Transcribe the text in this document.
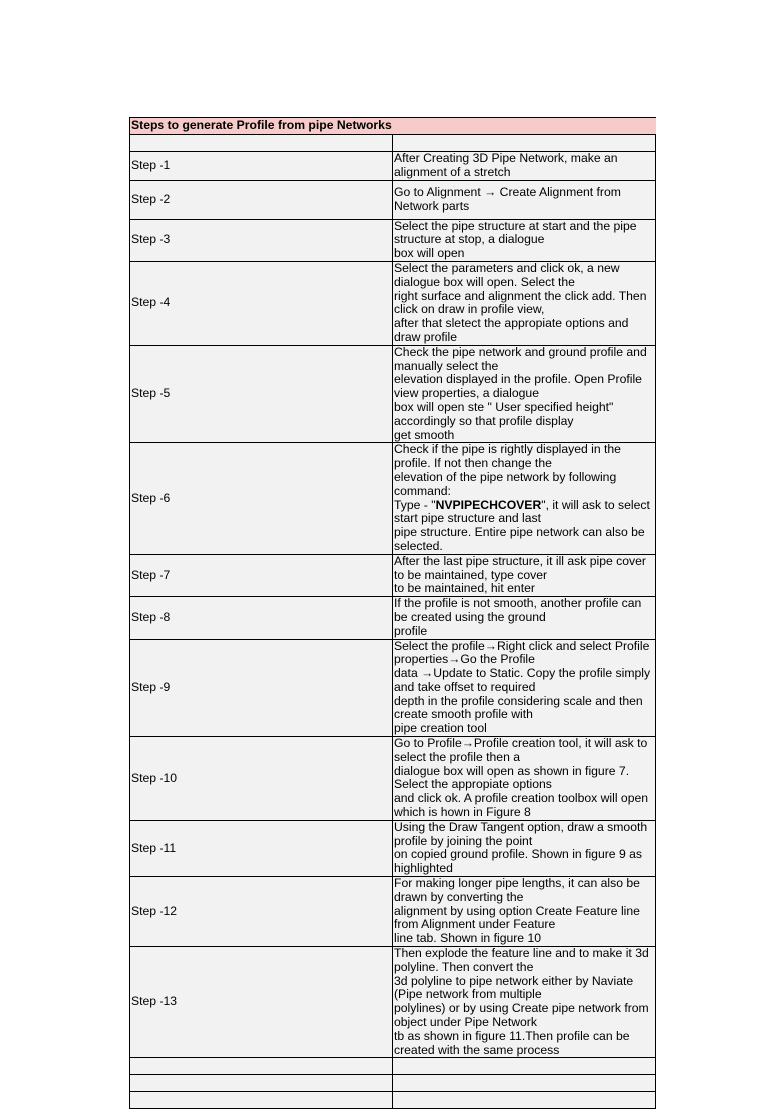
Steps to generate Profile from pipe Networks	

Step -1	After Creating 3D Pipe Network, make an alignment of a stretch
Step -2	Go to Alignment → Create Alignment from Network parts
Step -3	Select the pipe structure at start and the pipe structure at stop, a dialogue
box will open
Step -4	Select the parameters and click ok, a new dialogue box will open. Select the
right surface and alignment the click add. Then click on draw in profile view,
after that sletect the appropiate options and draw profile
Step -5	Check the pipe network and ground profile and manually select the
elevation displayed in the profile. Open Profile view properties, a dialogue
box will open ste " User specified height" accordingly so that profile display
get smooth
Step -6	Check if the pipe is rightly displayed in the profile. If not then change the
elevation of the pipe network by following command:
Type - "NVPIPECHCOVER", it will ask to select start pipe structure and last
pipe structure. Entire pipe network can also be selected.
Step -7	After the last pipe structure, it ill ask pipe cover to be maintained, type cover
to be maintained, hit enter
Step -8	If the profile is not smooth, another profile can be created using the ground
profile
Step -9	Select the profile→Right click and select Profile properties→Go the Profile
data →Update to Static. Copy the profile simply and take offset to required
depth in the profile considering scale and then create smooth profile with
pipe creation tool
Step -10	Go to Profile→Profile creation tool, it will ask to select the profile then a
dialogue box will open as shown in figure 7. Select the appropiate options
and click ok. A profile creation toolbox will open which is hown in Figure 8
Step -11	Using the Draw Tangent option, draw a smooth profile by joining the point
on copied ground profile. Shown in figure 9 as highlighted
Step -12	For making longer pipe lengths, it can also be drawn by converting the
alignment by using option Create Feature line from Alignment under Feature
line tab. Shown in figure 10
Step -13	Then explode the feature line and to make it 3d polyline. Then convert the
3d polyline to pipe network either by Naviate (Pipe network from multiple
polylines) or by using Create pipe network from object under Pipe Network
tb as shown in figure 11.Then profile can be created with the same process
